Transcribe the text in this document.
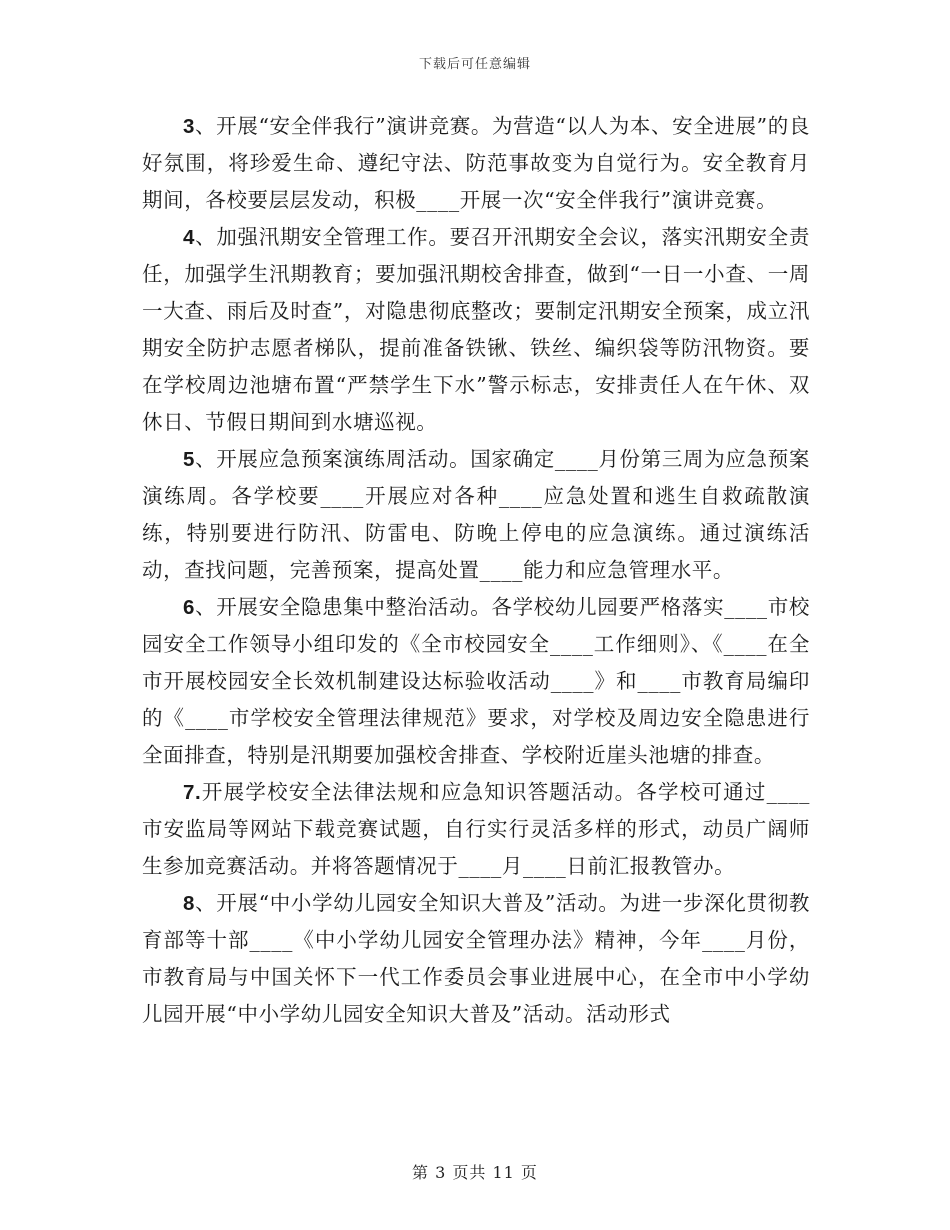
下载后可任意编辑

3、开展“安全伴我行”演讲竞赛。为营造“以人为本、安全进展”的良好氛围，将珍爱生命、遵纪守法、防范事故变为自觉行为。安全教育月期间，各校要层层发动，积极____开展一次“安全伴我行”演讲竞赛。

4、加强汛期安全管理工作。要召开汛期安全会议，落实汛期安全责任，加强学生汛期教育；要加强汛期校舍排查，做到“一日一小查、一周一大查、雨后及时查”，对隐患彻底整改；要制定汛期安全预案，成立汛期安全防护志愿者梯队，提前准备铁锹、铁丝、编织袋等防汛物资。要在学校周边池塘布置“严禁学生下水”警示标志，安排责任人在午休、双休日、节假日期间到水塘巡视。

5、开展应急预案演练周活动。国家确定____月份第三周为应急预案演练周。各学校要____开展应对各种____应急处置和逃生自救疏散演练，特别要进行防汛、防雷电、防晚上停电的应急演练。通过演练活动，查找问题，完善预案，提高处置____能力和应急管理水平。

6、开展安全隐患集中整治活动。各学校幼儿园要严格落实____市校园安全工作领导小组印发的《全市校园安全____工作细则》、《____在全市开展校园安全长效机制建设达标验收活动____》和____市教育局编印的《____市学校安全管理法律规范》要求，对学校及周边安全隐患进行全面排查，特别是汛期要加强校舍排查、学校附近崖头池塘的排查。

7.开展学校安全法律法规和应急知识答题活动。各学校可通过____市安监局等网站下载竞赛试题，自行实行灵活多样的形式，动员广阔师生参加竞赛活动。并将答题情况于____月____日前汇报教管办。

8、开展“中小学幼儿园安全知识大普及”活动。为进一步深化贯彻教育部等十部____《中小学幼儿园安全管理办法》精神，今年____月份，市教育局与中国关怀下一代工作委员会事业进展中心，在全市中小学幼儿园开展“中小学幼儿园安全知识大普及”活动。活动形式

第 3 页共 11 页
